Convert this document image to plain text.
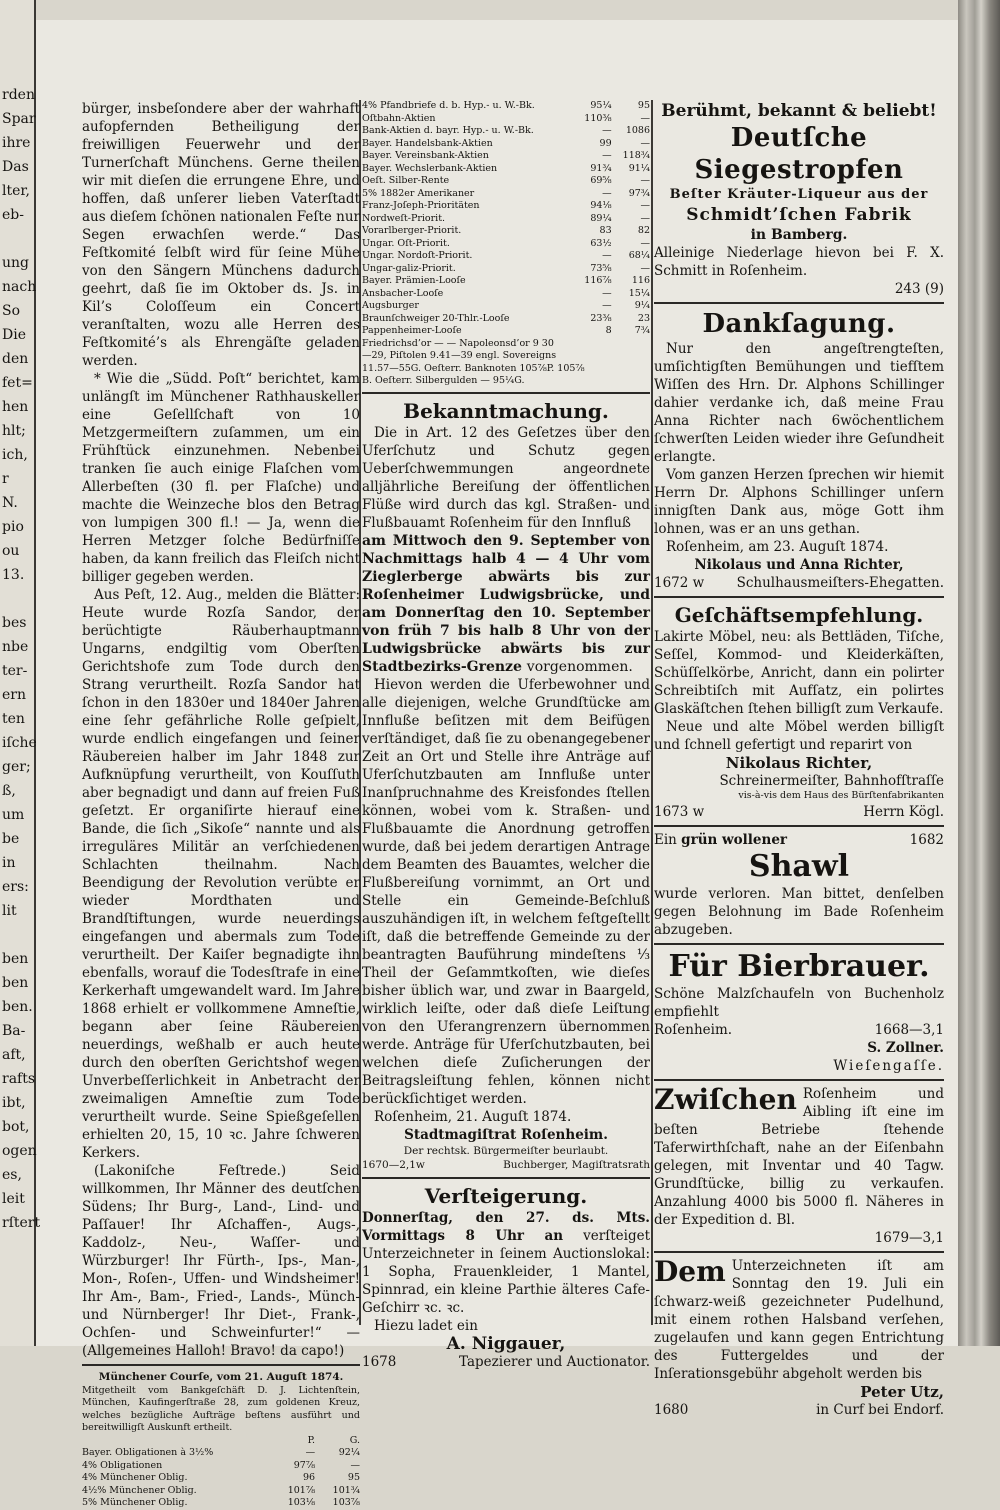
rden
Spar
ihre
Dаѕ
lter,
eb-
ung
nach
So
Die
den
fet=
hen
hlt;
ich,
r
N.
pio
ou
13.
bes
nbe
ter-
ern
ten
iſche
ger;
ß,
um
be
in
ers:
lit
ben
ben
ben.
Ba-
aft,
rafts
ibt,
bot,
ogen
es,
leit
rſtert

bürger, insbeſondere aber der wahrhaft aufopfernden Betheiligung der freiwilligen Feuerwehr und der Turnerſchaft Münchens. Gerne theilen wir mit dieſen die errungene Ehre, und hoffen, daß unſerer lieben Vaterſtadt aus dieſem ſchönen nationalen Feſte nur Segen erwachſen werde.“ Das Feſtkomité ſelbſt wird für ſeine Mühe von den Sängern Münchens dadurch geehrt, daß ſie im Oktober ds. Js. in Kil’s Coloſſeum ein Concert veranſtalten, wozu alle Herren des Feſtkomité’s als Ehrengäſte geladen werden.

* Wie die „Südd. Poſt“ berichtet, kam unlängſt im Münchener Rathhauskeller eine Geſellſchaft von 10 Metzgermeiſtern zuſammen, um ein Frühſtück einzunehmen. Nebenbei tranken ſie auch einige Flaſchen vom Allerbeſten (30 fl. per Flaſche) und machte die Weinzeche blos den Betrag von lumpigen 300 fl.! — Ja, wenn die Herren Metzger ſolche Bedürfniſſe haben, da kann freilich das Fleiſch nicht billiger gegeben werden.

Aus Peſt, 12. Aug., melden die Blätter: Heute wurde Rozſa Sandor, der berüchtigte Räuberhauptmann Ungarns, endgiltig vom Oberſten Gerichtshofe zum Tode durch den Strang verurtheilt. Rozſa Sandor hat ſchon in den 1830er und 1840er Jahren eine ſehr gefährliche Rolle geſpielt, wurde endlich eingefangen und ſeiner Räubereien halber im Jahr 1848 zur Aufknüpfung verurtheilt, von Kouſſuth aber begnadigt und dann auf freien Fuß geſetzt. Er organiſirte hierauf eine Bande, die ſich „Sikoſe“ nannte und als irreguläres Militär an verſchiedenen Schlachten theilnahm. Nach Beendigung der Revolution verübte er wieder Mordthaten und Brandſtiftungen, wurde neuerdings eingefangen und abermals zum Tode verurtheilt. Der Kaiſer begnadigte ihn ebenfalls, worauf die Todesſtrafe in eine Kerkerhaft umgewandelt ward. Im Jahre 1868 erhielt er vollkommene Amneſtie, begann aber ſeine Räubereien neuerdings, weßhalb er auch heute durch den oberſten Gerichtshof wegen Unverbeſſerlichkeit in Anbetracht der zweimaligen Amneſtie zum Tode verurtheilt wurde. Seine Spießgeſellen erhielten 20, 15, 10 ꝛc. Jahre ſchweren Kerkers.

(Lakoniſche Feſtrede.) Seid willkommen, Ihr Männer des deutſchen Südens; Ihr Burg-, Land-, Lind- und Paſſauer! Ihr Aſchaffen-, Augs-, Kaddolz-, Neu-, Waſſer- und Würzburger! Ihr Fürth-, Ips-, Man-, Mon-, Roſen-, Uffen- und Windsheimer! Ihr Am-, Bam-, Fried-, Lands-, Münch- und Nürnberger! Ihr Diet-, Frank-, Ochſen- und Schweinfurter!“ — (Allgemeines Halloh! Bravo! da capo!)

Münchener Courſe, vom 21. Auguſt 1874.

Mitgetheilt vom Bankgeſchäft D. J. Lichtenſtein, München, Kaufingerſtraße 28, zum goldenen Kreuz, welches bezügliche Aufträge beſtens ausführt und bereitwilligſt Auskunft ertheilt.

	P.	G.
Bayer. Obligationen à 3½%	—	92¼
4% Obligationen	97⅞	—
4% Münchener Oblig.	96	95
4½% Münchener Oblig.	101⅞	101¾
5% Münchener Oblig.	103⅛	103⅞
4% Pfandbriefe d. b. Hyp.- u. W.-Bk.	95¼	95
Oſtbahn-Aktien	110⅜	—
Bank-Aktien d. bayr. Hyp.- u. W.-Bk.	—	1086
Bayer. Handelsbank-Aktien	99	—
Bayer. Vereinsbank-Aktien	—	118¾
Bayer. Wechslerbank-Aktien	91¾	91¼
Oeſt. Silber-Rente	69⅝	—
5% 1882er Amerikaner	—	97¾
Franz-Joſeph-Prioritäten	94⅛	—
Nordweſt-Priorit.	89¼	—
Vorarlberger-Priorit.	83	82
Ungar. Oſt-Priorit.	63½	—
Ungar. Nordoſt-Priorit.	—	68¼
Ungar-galiz-Priorit.	73⅝	—
Bayer. Prämien-Looſe	116⅞	116
Ansbacher-Looſe	—	15¼
Augsburger	—	9¼
Braunſchweiger 20-Thlr.-Looſe	23⅜	23
Pappenheimer-Looſe	8	7¾

Friedrichsd’or — — Napoleonsd’or 9 30

—29, Piſtolen 9.41—39 engl. Sovereigns

11.57—55G. Oeſterr. Banknoten 105⅞P. 105⅞

B. Oeſterr. Silbergulden — 95¼G.

Bekanntmachung.

Die in Art. 12 des Geſetzes über den Uferſchutz und Schutz gegen Ueberſchwemmungen angeordnete alljährliche Bereiſung der öffentlichen Flüße wird durch das kgl. Straßen- und Flußbauamt Roſenheim für den Innfluß

am Mittwoch den 9. September von Nachmittags halb 4 — 4 Uhr vom Zieglerberge abwärts bis zur Roſenheimer Ludwigsbrücke, und am Donnerſtag den 10. September von früh 7 bis halb 8 Uhr von der Ludwigsbrücke abwärts bis zur Stadtbezirks-Grenze vorgenommen.

Hievon werden die Uferbewohner und alle diejenigen, welche Grundſtücke am Innfluße beſitzen mit dem Beifügen verſtändiget, daß ſie zu obenangegebener Zeit an Ort und Stelle ihre Anträge auf Uferſchutzbauten am Innfluße unter Inanſpruchnahme des Kreisfondes ſtellen können, wobei vom k. Straßen- und Flußbauamte die Anordnung getroffen wurde, daß bei jedem derartigen Antrage dem Beamten des Bauamtes, welcher die Flußbereiſung vornimmt, an Ort und Stelle ein Gemeinde-Beſchluß auszuhändigen iſt, in welchem feſtgeſtellt iſt, daß die betreffende Gemeinde zu der beantragten Bauführung mindeſtens ⅓ Theil der Geſammtkoſten, wie dieſes bisher üblich war, und zwar in Baargeld, wirklich leiſte, oder daß dieſe Leiſtung von den Uferangrenzern übernommen werde. Anträge für Uferſchutzbauten, bei welchen dieſe Zuſicherungen der Beitragsleiſtung fehlen, können nicht berückſichtiget werden.

Roſenheim, 21. Auguſt 1874.

Stadtmagiſtrat Roſenheim.

Der rechtsk. Bürgermeiſter beurlaubt.

1670—2,1w	Buchberger, Magiſtratsrath

Verſteigerung.

Donnerſtag, den 27. ds. Mts. Vormittags 8 Uhr an verſteiget Unterzeichneter in ſeinem Auctionslokal: 1 Sopha, Frauenkleider, 1 Mantel, Spinnrad, ein kleine Parthie älteres Cafe-Geſchirr ꝛc. ꝛc.

Hiezu ladet ein

A. Niggauer,

1678	Tapezierer und Auctionator.

Berühmt, bekannt & beliebt!

Deutſche Siegestropfen

Beſter Kräuter-Liqueur aus der

Schmidt’ſchen Fabrik

in Bamberg.

Alleinige Niederlage hievon bei F. X. Schmitt in Roſenheim.

243 (9)

Dankſagung.

Nur den angeſtrengteſten, umſichtigſten Bemühungen und tiefſtem Wiſſen des Hrn. Dr. Alphons Schillinger dahier verdanke ich, daß meine Frau Anna Richter nach 6wöchentlichem ſchwerſten Leiden wieder ihre Geſundheit erlangte.

Vom ganzen Herzen ſprechen wir hiemit Herrn Dr. Alphons Schillinger unſern innigſten Dank aus, möge Gott ihm lohnen, was er an uns gethan.

Roſenheim, am 23. Auguſt 1874.

Nikolaus und Anna Richter,

1672 w Schulhausmeiſters-Ehegatten.

Geſchäftsempfehlung.

Lakirte Möbel, neu: als Bettläden, Tiſche, Seſſel, Kommod- und Kleiderkäſten, Schüſſelkörbe, Anricht, dann ein polirter Schreibtiſch mit Aufſatz, ein polirtes Glaskäſtchen ſtehen billigſt zum Verkaufe.

Neue und alte Möbel werden billigſt und ſchnell gefertigt und reparirt von

Nikolaus Richter,

Schreinermeiſter, Bahnhofſtraſſe

vis-à-vis dem Haus des Bürſtenfabrikanten

1673 w	Herrn Kögl.
Ein grün wollener	1682

Shawl

wurde verloren. Man bittet, denſelben gegen Belohnung im Bade Roſenheim abzugeben.

Für Bierbrauer.

Schöne Malzſchaufeln von Buchenholz empfiehlt

Roſenheim.	1668—3,1

S. Zollner.

Wieſengaſſe.

Zwiſchen Roſenheim und Aibling iſt eine im beſten Betriebe	ſtehende Taferwirthſchaft, nahe an der Eiſenbahn gelegen, mit Inventar und 40 Tagw. Grundſtücke, billig zu verkaufen. Anzahlung 4000 bis 5000 fl. Näheres in der Expedition d. Bl.

1679—3,1

Dem Unterzeichneten iſt am Sonntag den 19. Juli ein ſchwarz-weiß gezeichneter Pudelhund, mit einem rothen Halsband verſehen, zugelaufen und kann gegen Entrichtung des Futtergeldes und der Inſerationsgebühr abgeholt werden bis

Peter Utz,

1680	in Curf bei Endorf.
